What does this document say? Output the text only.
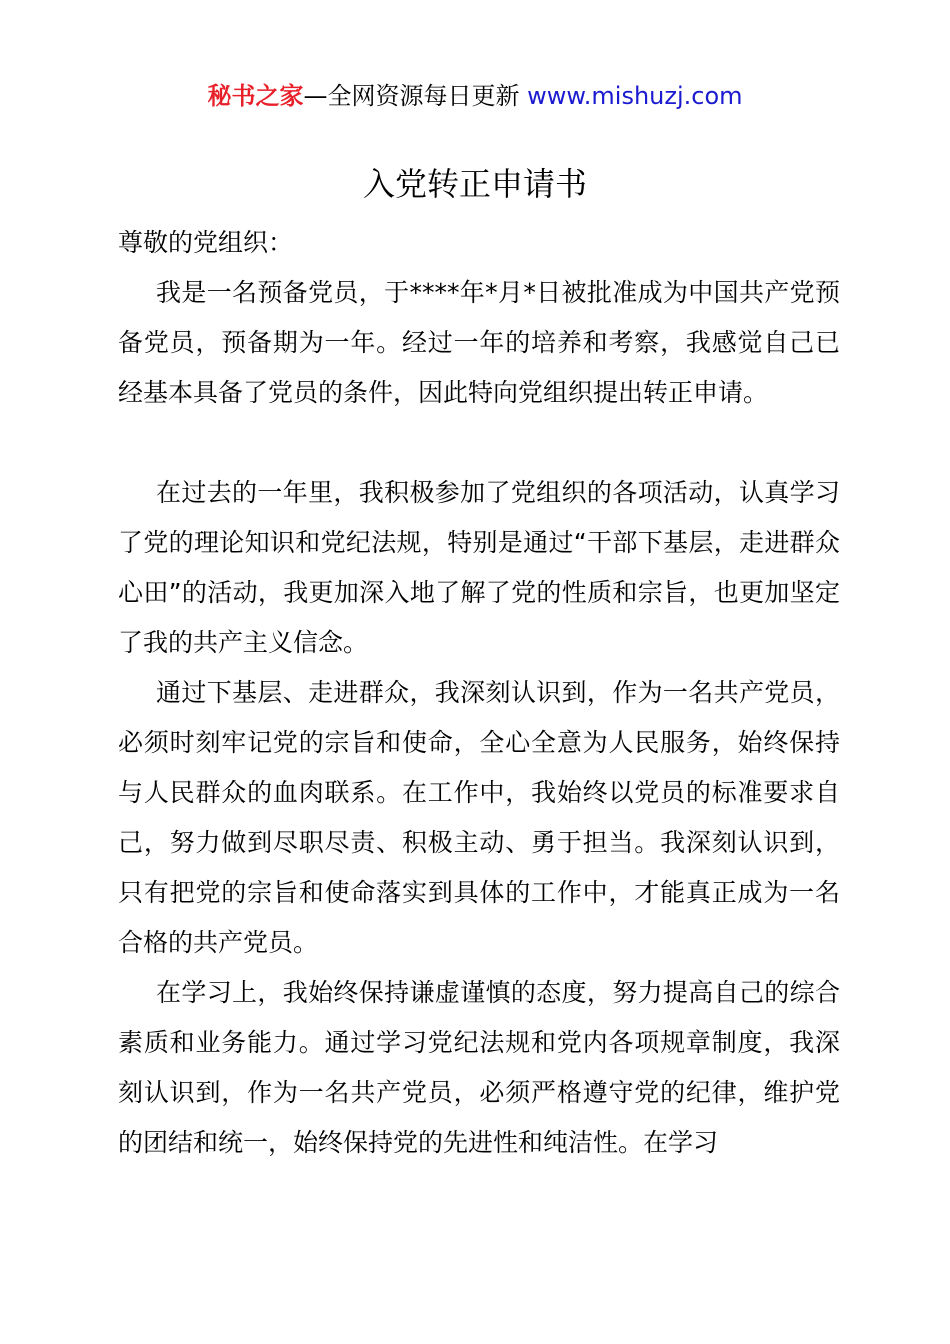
秘书之家—全网资源每日更新 www.mishuzj.com
入党转正申请书

尊敬的党组织：

我是一名预备党员，于****年*月*日被批准成为中国共产党预备党员，预备期为一年。经过一年的培养和考察，我感觉自己已经基本具备了党员的条件，因此特向党组织提出转正申请。

在过去的一年里，我积极参加了党组织的各项活动，认真学习了党的理论知识和党纪法规，特别是通过“干部下基层，走进群众心田”的活动，我更加深入地了解了党的性质和宗旨，也更加坚定了我的共产主义信念。

通过下基层、走进群众，我深刻认识到，作为一名共产党员，必须时刻牢记党的宗旨和使命，全心全意为人民服务，始终保持与人民群众的血肉联系。在工作中，我始终以党员的标准要求自己，努力做到尽职尽责、积极主动、勇于担当。我深刻认识到，只有把党的宗旨和使命落实到具体的工作中，才能真正成为一名合格的共产党员。

在学习上，我始终保持谦虚谨慎的态度，努力提高自己的综合素质和业务能力。通过学习党纪法规和党内各项规章制度，我深刻认识到，作为一名共产党员，必须严格遵守党的纪律，维护党的团结和统一，始终保持党的先进性和纯洁性。在学习
